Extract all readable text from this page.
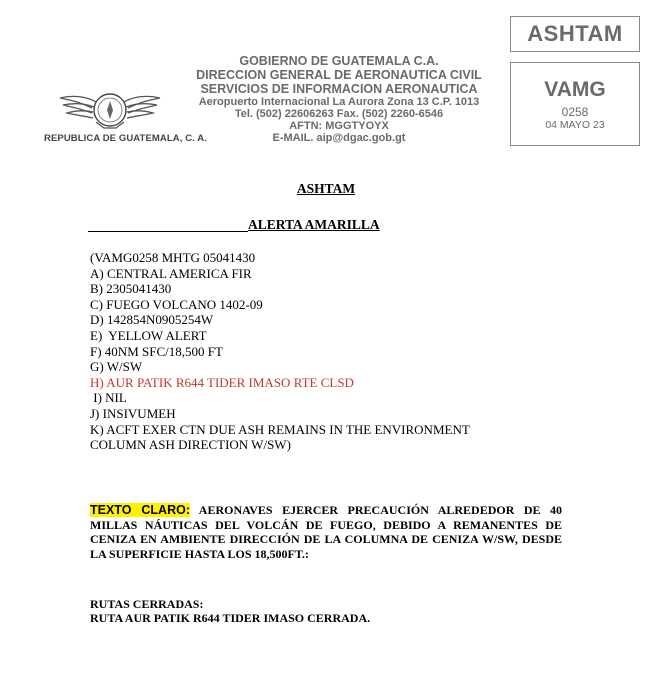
REPUBLICA DE GUATEMALA, C. A.
GOBIERNO DE GUATEMALA C.A.
DIRECCION GENERAL DE AERONAUTICA CIVIL
SERVICIOS DE INFORMACION AERONAUTICA
Aeropuerto Internacional La Aurora Zona 13 C.P. 1013
Tel. (502) 22606263 Fax. (502) 2260-6546
AFTN: MGGTYOYX
E-MAIL. aip@dgac.gob.gt
ASHTAM
VAMG
0258
04 MAYO 23
ASHTAM
ALERTA AMARILLA
(VAMG0258 MHTG 05041430
A) CENTRAL AMERICA FIR
B) 2305041430
C) FUEGO VOLCANO 1402-09
D) 142854N0905254W
E)  YELLOW ALERT
F) 40NM SFC/18,500 FT
G) W/SW
H) AUR PATIK R644 TIDER IMASO RTE CLSD
I) NIL
J) INSIVUMEH
K) ACFT EXER CTN DUE ASH REMAINS IN THE ENVIRONMENT
COLUMN ASH DIRECTION W/SW)
TEXTO CLARO: AERONAVES EJERCER PRECAUCIÓN ALREDEDOR DE 40 MILLAS NÁUTICAS DEL VOLCÁN DE FUEGO, DEBIDO A REMANENTES DE CENIZA EN AMBIENTE DIRECCIÓN DE LA COLUMNA DE CENIZA W/SW, DESDE LA SUPERFICIE HASTA LOS 18,500FT.:
RUTAS CERRADAS:
RUTA AUR PATIK R644 TIDER IMASO CERRADA.
